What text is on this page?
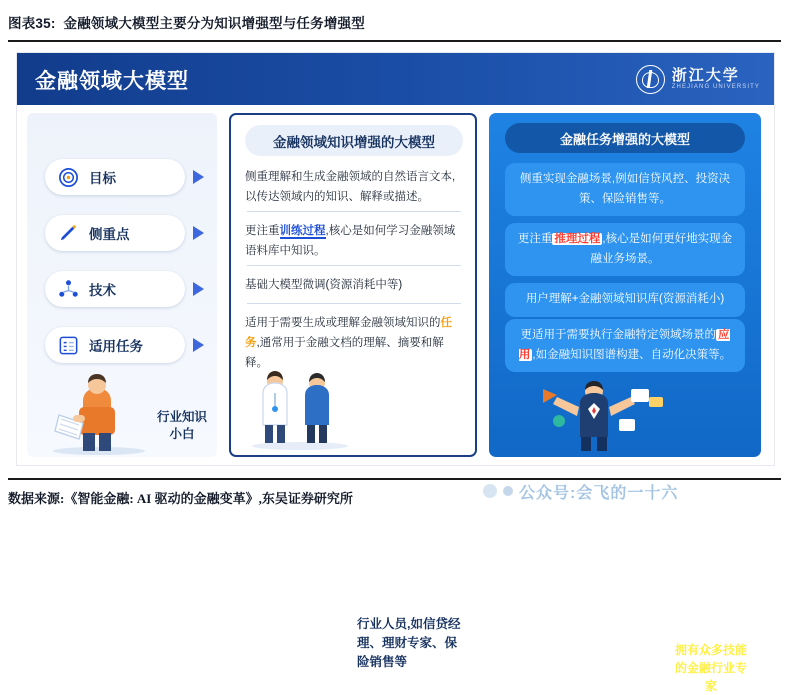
图表35: 金融领域大模型主要分为知识增强型与任务增强型
金融领域大模型	浙江大学
ZHEJIANG UNIVERSITY
目标
侧重点
技术
适用任务
行业知识小白
金融领域知识增强的大模型
侧重理解和生成金融领域的自然语言文本,以传达领域内的知识、解释或描述。
更注重训练过程,核心是如何学习金融领域语料库中知识。
基础大模型微调(资源消耗中等)
适用于需要生成或理解金融领域知识的任务,通常用于金融文档的理解、摘要和解释。
行业人员,如信贷经理、理财专家、保险销售等
金融任务增强的大模型
侧重实现金融场景,例如信贷风控、投资决策、保险销售等。
更注重 推理过程 ,核心是如何更好地实现金融业务场景。
用户理解+金融领域知识库(资源消耗小)
更适用于需要执行金融特定领域场景的 应用 ,如金融知识图谱构建、自动化决策等。
拥有众多技能的金融行业专家
公众号:会飞的一十六
数据来源:《智能金融: AI 驱动的金融变革》,东吴证券研究所
